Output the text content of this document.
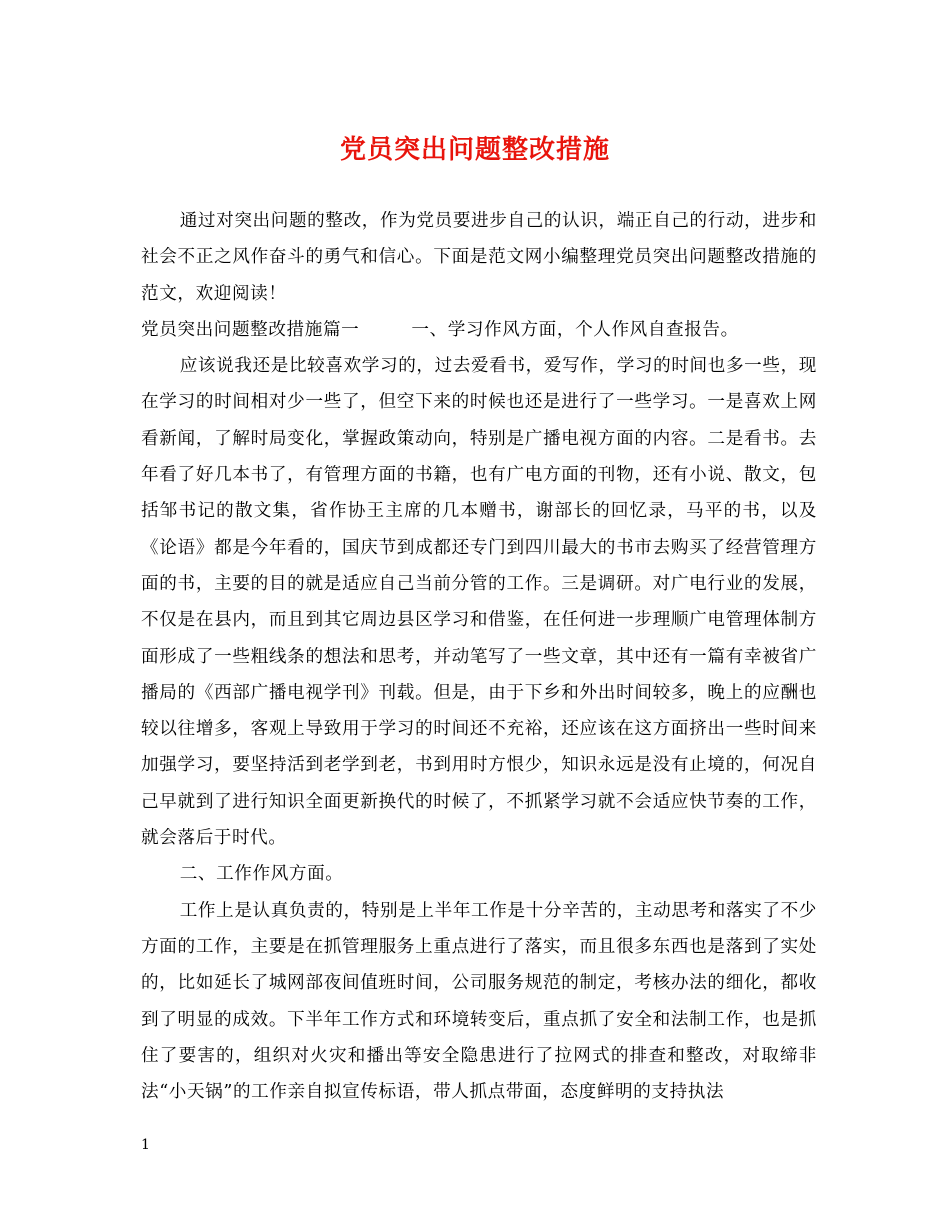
党员突出问题整改措施

通过对突出问题的整改，作为党员要进步自己的认识，端正自己的行动，进步和社会不正之风作奋斗的勇气和信心。下面是范文网小编整理党员突出问题整改措施的范文，欢迎阅读！

党员突出问题整改措施篇一	一、学习作风方面，个人作风自查报告。

应该说我还是比较喜欢学习的，过去爱看书，爱写作，学习的时间也多一些，现在学习的时间相对少一些了，但空下来的时候也还是进行了一些学习。一是喜欢上网看新闻，了解时局变化，掌握政策动向，特别是广播电视方面的内容。二是看书。去年看了好几本书了，有管理方面的书籍，也有广电方面的刊物，还有小说、散文，包括邹书记的散文集，省作协王主席的几本赠书，谢部长的回忆录，马平的书，以及《论语》都是今年看的，国庆节到成都还专门到四川最大的书市去购买了经营管理方面的书，主要的目的就是适应自己当前分管的工作。三是调研。对广电行业的发展，不仅是在县内，而且到其它周边县区学习和借鉴，在任何进一步理顺广电管理体制方面形成了一些粗线条的想法和思考，并动笔写了一些文章，其中还有一篇有幸被省广播局的《西部广播电视学刊》刊载。但是，由于下乡和外出时间较多，晚上的应酬也较以往增多，客观上导致用于学习的时间还不充裕，还应该在这方面挤出一些时间来加强学习，要坚持活到老学到老，书到用时方恨少，知识永远是没有止境的，何况自己早就到了进行知识全面更新换代的时候了，不抓紧学习就不会适应快节奏的工作，就会落后于时代。

二、工作作风方面。

工作上是认真负责的，特别是上半年工作是十分辛苦的，主动思考和落实了不少方面的工作，主要是在抓管理服务上重点进行了落实，而且很多东西也是落到了实处的，比如延长了城网部夜间值班时间，公司服务规范的制定，考核办法的细化，都收到了明显的成效。下半年工作方式和环境转变后，重点抓了安全和法制工作，也是抓住了要害的，组织对火灾和播出等安全隐患进行了拉网式的排查和整改，对取缔非法“小天锅”的工作亲自拟宣传标语，带人抓点带面，态度鲜明的支持执法

1
